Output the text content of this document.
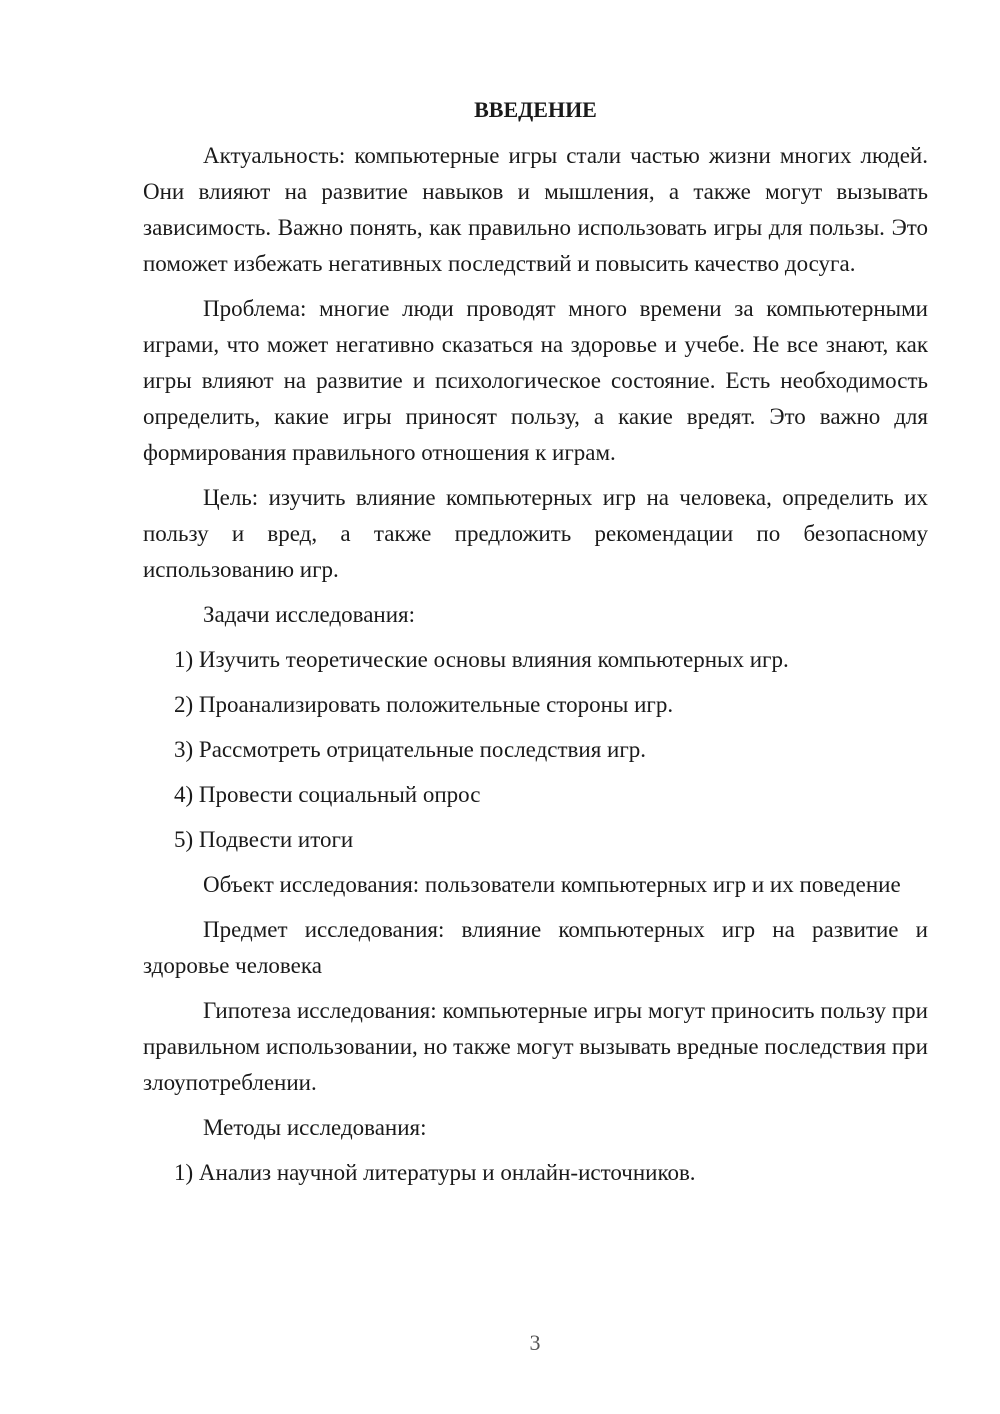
ВВЕДЕНИЕ

Актуальность: компьютерные игры стали частью жизни многих людей. Они влияют на развитие навыков и мышления, а также могут вызывать зависимость. Важно понять, как правильно использовать игры для пользы. Это поможет избежать негативных последствий и повысить качество досуга.

Проблема: многие люди проводят много времени за компьютерными играми, что может негативно сказаться на здоровье и учебе. Не все знают, как игры влияют на развитие и психологическое состояние. Есть необходимость определить, какие игры приносят пользу, а какие вредят. Это важно для формирования правильного отношения к играм.

Цель: изучить влияние компьютерных игр на человека, определить их пользу и вред, а также предложить рекомендации по безопасному использованию игр.

Задачи исследования:

1) Изучить теоретические основы влияния компьютерных игр.

2) Проанализировать положительные стороны игр.

3) Рассмотреть отрицательные последствия игр.

4) Провести социальный опрос

5) Подвести итоги

Объект исследования: пользователи компьютерных игр и их поведение

Предмет исследования: влияние компьютерных игр на развитие и здоровье человека

Гипотеза исследования: компьютерные игры могут приносить пользу при правильном использовании, но также могут вызывать вредные последствия при злоупотреблении.

Методы исследования:

1) Анализ научной литературы и онлайн-источников.

3
